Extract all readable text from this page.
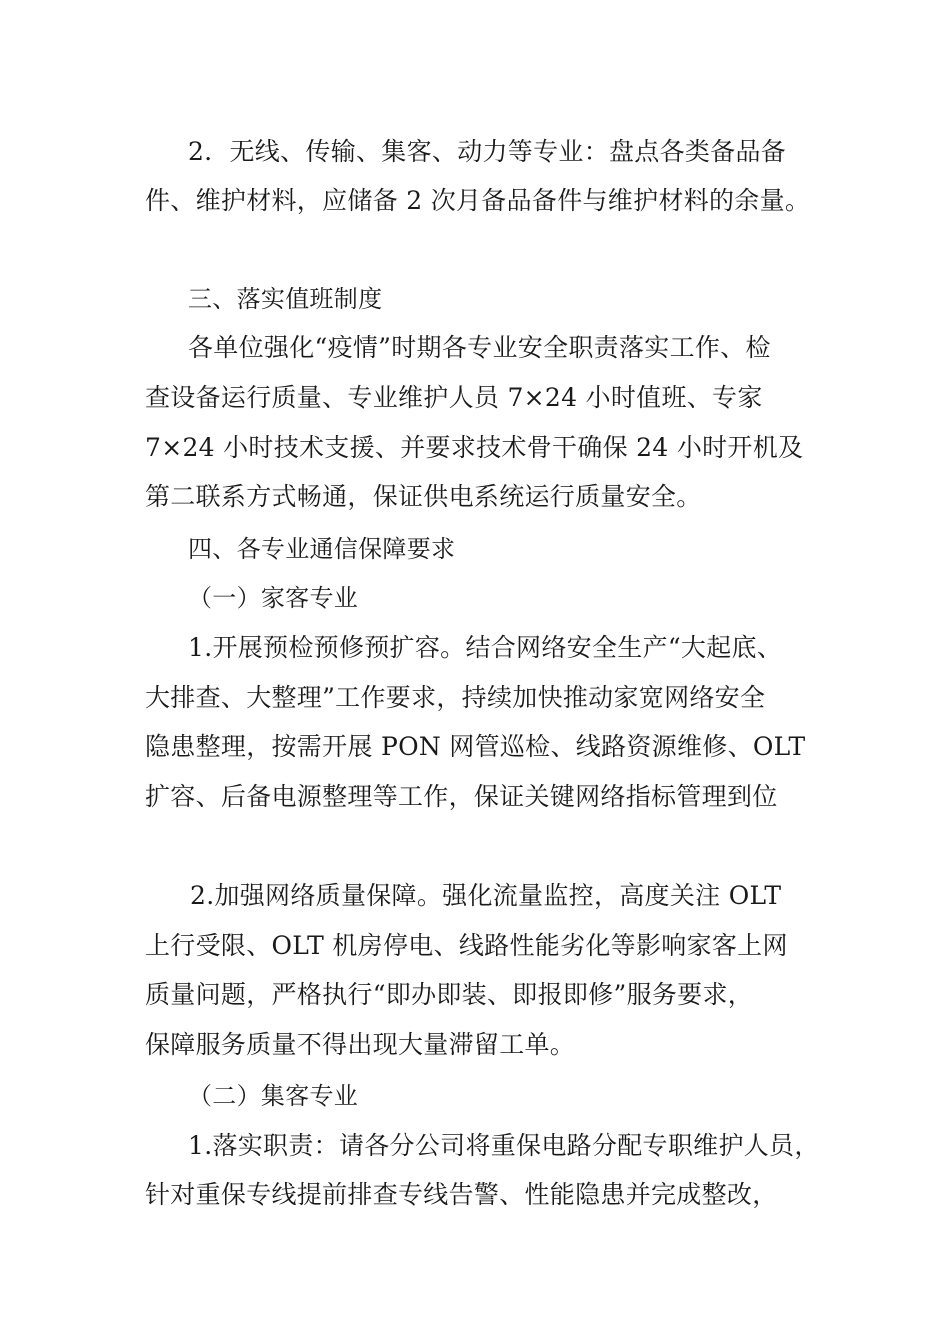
2．无线、传输、集客、动力等专业：盘点各类备品备

件、维护材料，应储备 2 次月备品备件与维护材料的余量。

三、落实值班制度

各单位强化“疫情”时期各专业安全职责落实工作、检

查设备运行质量、专业维护人员 7×24 小时值班、专家

7×24 小时技术支援、并要求技术骨干确保 24 小时开机及

第二联系方式畅通，保证供电系统运行质量安全。

四、各专业通信保障要求

（一）家客专业

1.开展预检预修预扩容。结合网络安全生产“大起底、

大排查、大整理”工作要求，持续加快推动家宽网络安全

隐患整理，按需开展 PON 网管巡检、线路资源维修、OLT

扩容、后备电源整理等工作，保证关键网络指标管理到位

2.加强网络质量保障。强化流量监控，高度关注 OLT

上行受限、OLT 机房停电、线路性能劣化等影响家客上网

质量问题，严格执行“即办即装、即报即修”服务要求，

保障服务质量不得出现大量滞留工单。

（二）集客专业

1.落实职责：请各分公司将重保电路分配专职维护人员，

针对重保专线提前排查专线告警、性能隐患并完成整改，
